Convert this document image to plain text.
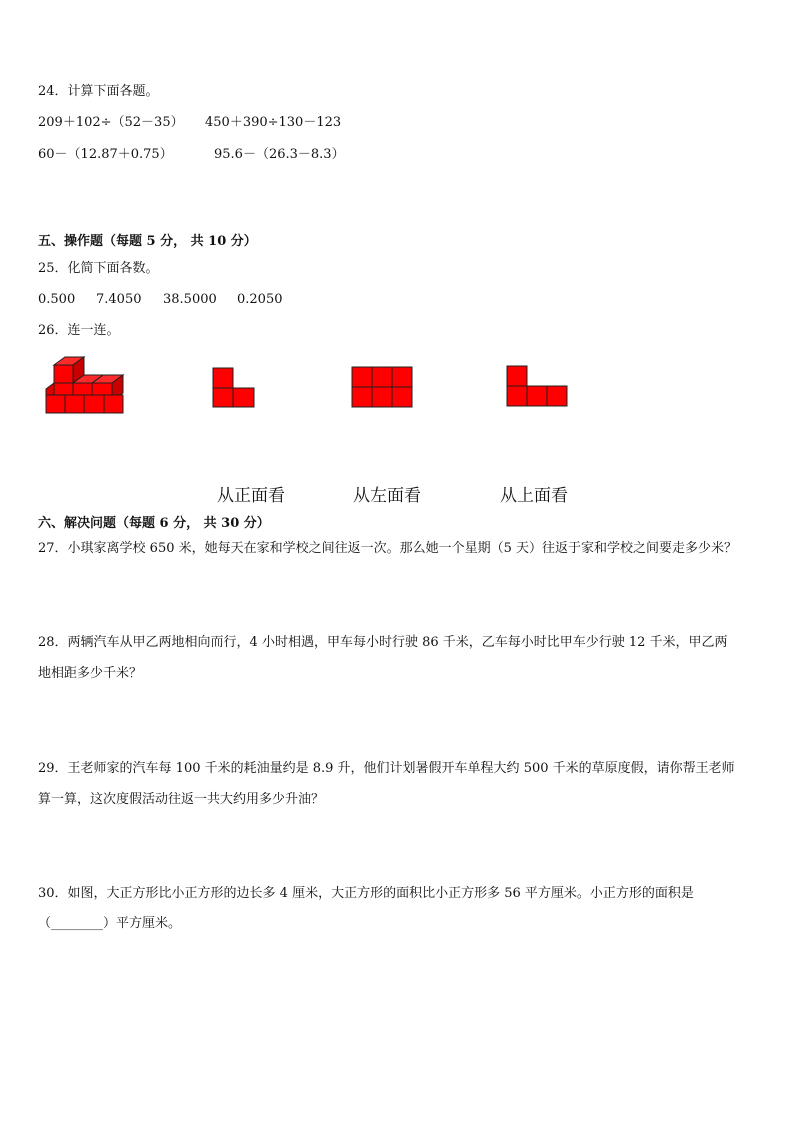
24．计算下面各题。
209＋102÷（52－35） 450＋390÷130－123
60－（12.87＋0.75）	95.6－（26.3－8.3）
五、操作题（每题 5 分， 共 10 分）
25．化简下面各数。
0.500 7.4050 38.5000 0.2050
26．连一连。
从正面看	从左面看	从上面看
六、解决问题（每题 6 分， 共 30 分）
27．小琪家离学校 650 米，她每天在家和学校之间往返一次。那么她一个星期（5 天）往返于家和学校之间要走多少米？
28．两辆汽车从甲乙两地相向而行，4 小时相遇，甲车每小时行驶 86 千米，乙车每小时比甲车少行驶 12 千米，甲乙两
地相距多少千米？
29．王老师家的汽车每 100 千米的耗油量约是 8.9 升，他们计划暑假开车单程大约 500 千米的草原度假，请你帮王老师
算一算，这次度假活动往返一共大约用多少升油？
30．如图，大正方形比小正方形的边长多 4 厘米，大正方形的面积比小正方形多 56 平方厘米。小正方形的面积是
（________）平方厘米。
